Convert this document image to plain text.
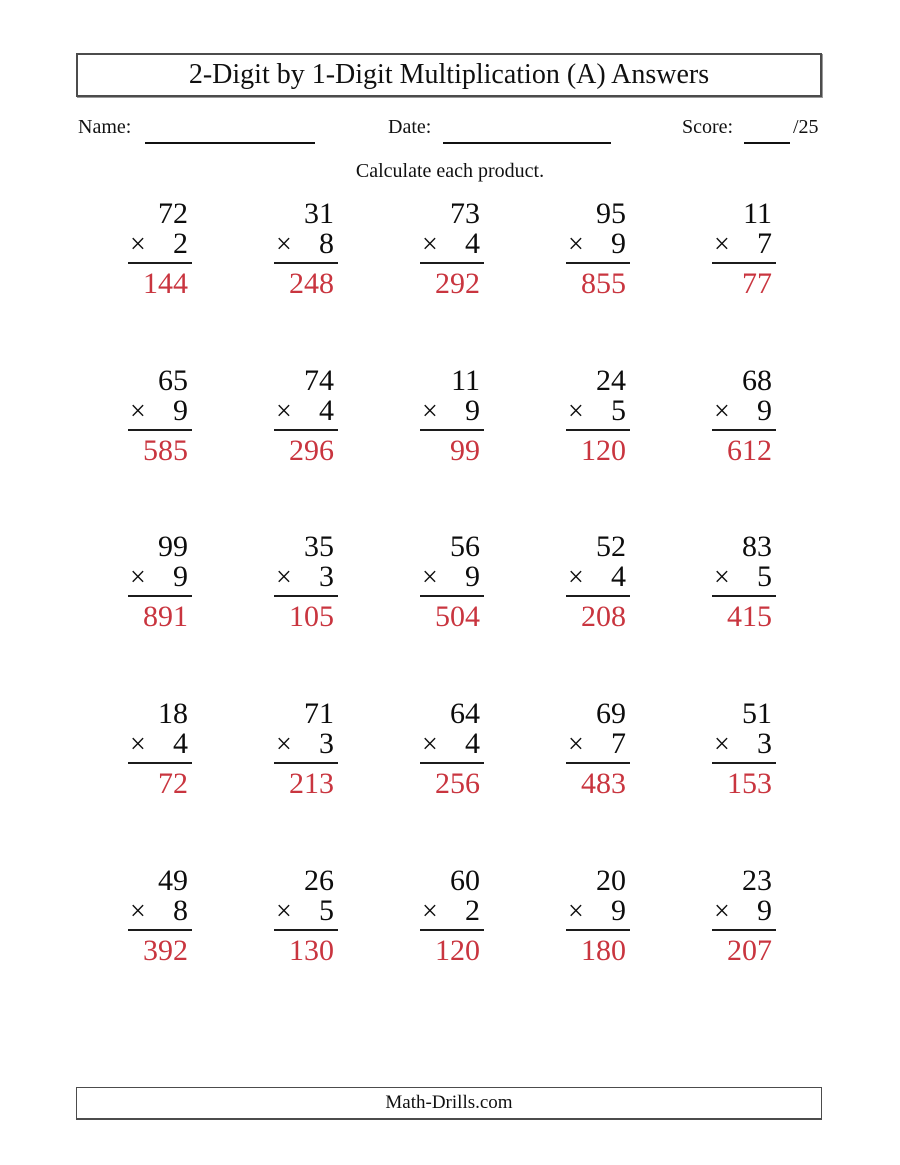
2-Digit by 1-Digit Multiplication (A) Answers
Name:	Date:	Score:	/25
Calculate each product.
72
× 2
144
31
× 8
248
73
× 4
292
95
× 9
855
11
× 7
77
65
× 9
585
74
× 4
296
11
× 9
99
24
× 5
120
68
× 9
612
99
× 9
891
35
× 3
105
56
× 9
504
52
× 4
208
83
× 5
415
18
× 4
72
71
× 3
213
64
× 4
256
69
× 7
483
51
× 3
153
49
× 8
392
26
× 5
130
60
× 2
120
20
× 9
180
23
× 9
207
Math-Drills.com
